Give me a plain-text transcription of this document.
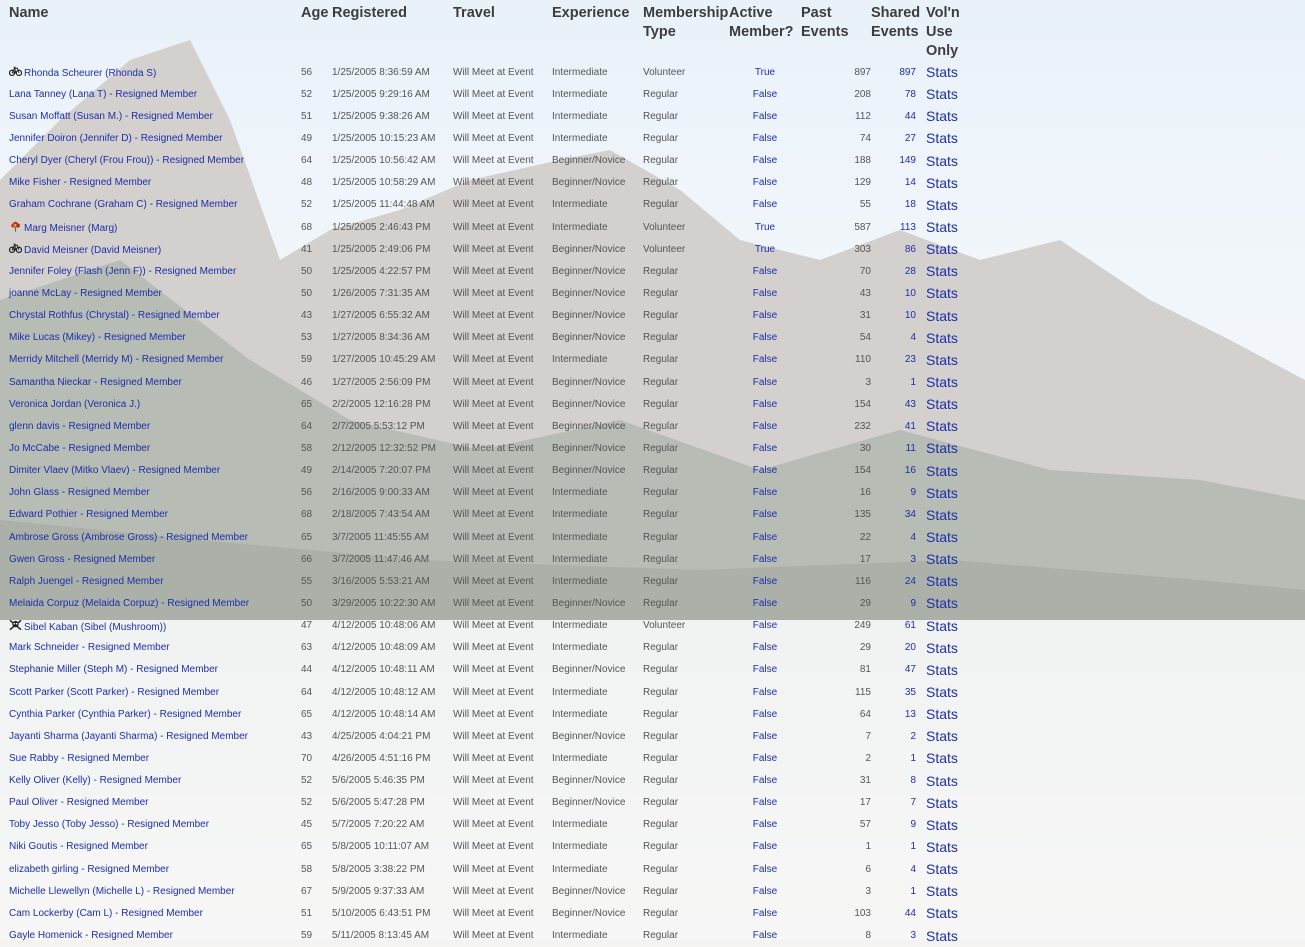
Name	Age	Registered	Travel	Experience	Membership Type	Active Member?	Past Events	Shared Events	Vol'n Use Only
Rhonda Scheurer (Rhonda S)	56	1/25/2005 8:36:59 AM	Will Meet at Event	Intermediate	Volunteer	True	897	897	Stats
Lana Tanney (Lana T) - Resigned Member	52	1/25/2005 9:29:16 AM	Will Meet at Event	Intermediate	Regular	False	208	78	Stats
Susan Moffatt (Susan M.) - Resigned Member	51	1/25/2005 9:38:26 AM	Will Meet at Event	Intermediate	Regular	False	112	44	Stats
Jennifer Doiron (Jennifer D) - Resigned Member	49	1/25/2005 10:15:23 AM	Will Meet at Event	Intermediate	Regular	False	74	27	Stats
Cheryl Dyer (Cheryl (Frou Frou)) - Resigned Member	64	1/25/2005 10:56:42 AM	Will Meet at Event	Beginner/Novice	Regular	False	188	149	Stats
Mike Fisher - Resigned Member	48	1/25/2005 10:58:29 AM	Will Meet at Event	Beginner/Novice	Regular	False	129	14	Stats
Graham Cochrane (Graham C) - Resigned Member	52	1/25/2005 11:44:48 AM	Will Meet at Event	Intermediate	Regular	False	55	18	Stats
Marg Meisner (Marg)	68	1/25/2005 2:46:43 PM	Will Meet at Event	Intermediate	Volunteer	True	587	113	Stats
David Meisner (David Meisner)	41	1/25/2005 2:49:06 PM	Will Meet at Event	Beginner/Novice	Volunteer	True	303	86	Stats
Jennifer Foley (Flash (Jenn F)) - Resigned Member	50	1/25/2005 4:22:57 PM	Will Meet at Event	Beginner/Novice	Regular	False	70	28	Stats
joanne McLay - Resigned Member	50	1/26/2005 7:31:35 AM	Will Meet at Event	Beginner/Novice	Regular	False	43	10	Stats
Chrystal Rothfus (Chrystal) - Resigned Member	43	1/27/2005 6:55:32 AM	Will Meet at Event	Beginner/Novice	Regular	False	31	10	Stats
Mike Lucas (Mikey) - Resigned Member	53	1/27/2005 8:34:36 AM	Will Meet at Event	Beginner/Novice	Regular	False	54	4	Stats
Merridy Mitchell (Merridy M) - Resigned Member	59	1/27/2005 10:45:29 AM	Will Meet at Event	Intermediate	Regular	False	110	23	Stats
Samantha Nieckar - Resigned Member	46	1/27/2005 2:56:09 PM	Will Meet at Event	Beginner/Novice	Regular	False	3	1	Stats
Veronica Jordan (Veronica J.)	65	2/2/2005 12:16:28 PM	Will Meet at Event	Beginner/Novice	Regular	False	154	43	Stats
glenn davis - Resigned Member	64	2/7/2005 5:53:12 PM	Will Meet at Event	Beginner/Novice	Regular	False	232	41	Stats
Jo McCabe - Resigned Member	58	2/12/2005 12:32:52 PM	Will Meet at Event	Beginner/Novice	Regular	False	30	11	Stats
Dimiter Vlaev (Mitko Vlaev) - Resigned Member	49	2/14/2005 7:20:07 PM	Will Meet at Event	Beginner/Novice	Regular	False	154	16	Stats
John Glass - Resigned Member	56	2/16/2005 9:00:33 AM	Will Meet at Event	Intermediate	Regular	False	16	9	Stats
Edward Pothier - Resigned Member	68	2/18/2005 7:43:54 AM	Will Meet at Event	Intermediate	Regular	False	135	34	Stats
Ambrose Gross (Ambrose Gross) - Resigned Member	65	3/7/2005 11:45:55 AM	Will Meet at Event	Intermediate	Regular	False	22	4	Stats
Gwen Gross - Resigned Member	66	3/7/2005 11:47:46 AM	Will Meet at Event	Intermediate	Regular	False	17	3	Stats
Ralph Juengel - Resigned Member	55	3/16/2005 5:53:21 AM	Will Meet at Event	Intermediate	Regular	False	116	24	Stats
Melaida Corpuz (Melaida Corpuz) - Resigned Member	50	3/29/2005 10:22:30 AM	Will Meet at Event	Beginner/Novice	Regular	False	29	9	Stats
Sibel Kaban (Sibel (Mushroom))	47	4/12/2005 10:48:06 AM	Will Meet at Event	Intermediate	Volunteer	False	249	61	Stats
Mark Schneider - Resigned Member	63	4/12/2005 10:48:09 AM	Will Meet at Event	Intermediate	Regular	False	29	20	Stats
Stephanie Miller (Steph M) - Resigned Member	44	4/12/2005 10:48:11 AM	Will Meet at Event	Beginner/Novice	Regular	False	81	47	Stats
Scott Parker (Scott Parker) - Resigned Member	64	4/12/2005 10:48:12 AM	Will Meet at Event	Intermediate	Regular	False	115	35	Stats
Cynthia Parker (Cynthia Parker) - Resigned Member	65	4/12/2005 10:48:14 AM	Will Meet at Event	Intermediate	Regular	False	64	13	Stats
Jayanti Sharma (Jayanti Sharma) - Resigned Member	43	4/25/2005 4:04:21 PM	Will Meet at Event	Beginner/Novice	Regular	False	7	2	Stats
Sue Rabby - Resigned Member	70	4/26/2005 4:51:16 PM	Will Meet at Event	Intermediate	Regular	False	2	1	Stats
Kelly Oliver (Kelly) - Resigned Member	52	5/6/2005 5:46:35 PM	Will Meet at Event	Beginner/Novice	Regular	False	31	8	Stats
Paul Oliver - Resigned Member	52	5/6/2005 5:47:28 PM	Will Meet at Event	Beginner/Novice	Regular	False	17	7	Stats
Toby Jesso (Toby Jesso) - Resigned Member	45	5/7/2005 7:20:22 AM	Will Meet at Event	Intermediate	Regular	False	57	9	Stats
Niki Goutis - Resigned Member	65	5/8/2005 10:11:07 AM	Will Meet at Event	Intermediate	Regular	False	1	1	Stats
elizabeth girling - Resigned Member	58	5/8/2005 3:38:22 PM	Will Meet at Event	Intermediate	Regular	False	6	4	Stats
Michelle Llewellyn (Michelle L) - Resigned Member	67	5/9/2005 9:37:33 AM	Will Meet at Event	Beginner/Novice	Regular	False	3	1	Stats
Cam Lockerby (Cam L) - Resigned Member	51	5/10/2005 6:43:51 PM	Will Meet at Event	Beginner/Novice	Regular	False	103	44	Stats
Gayle Homenick - Resigned Member	59	5/11/2005 8:13:45 AM	Will Meet at Event	Intermediate	Regular	False	8	3	Stats
